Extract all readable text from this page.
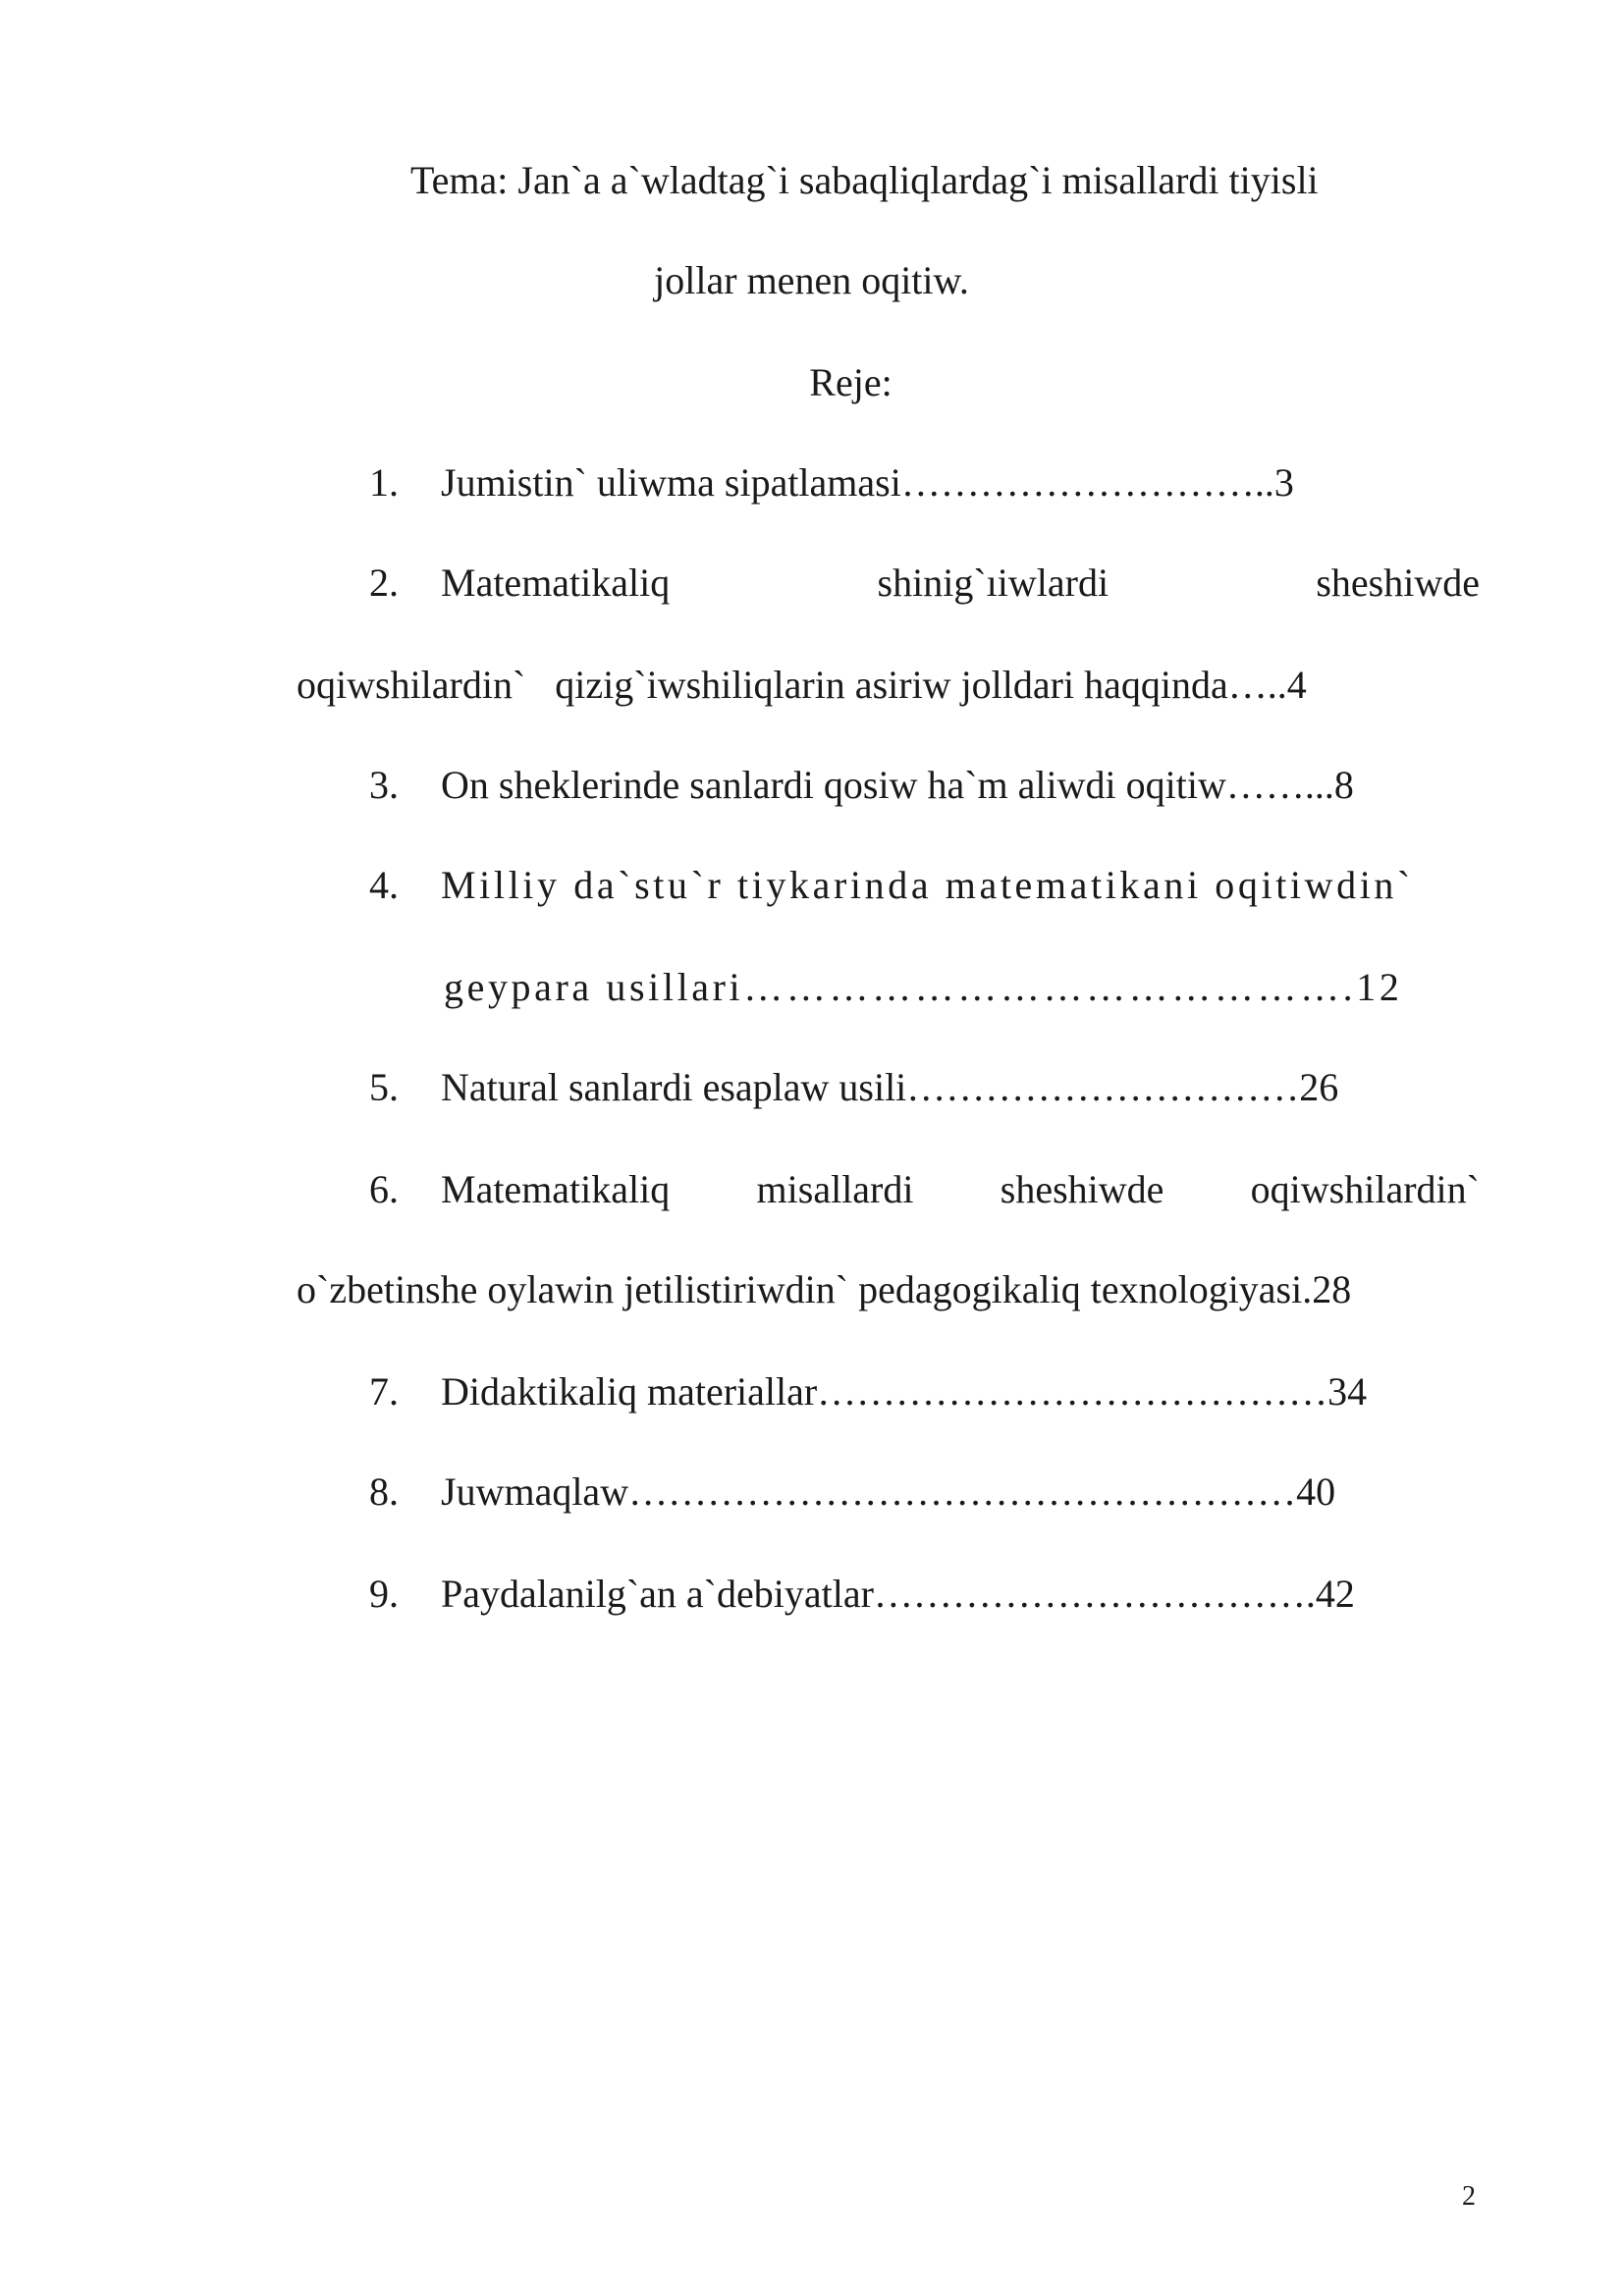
Tema: Jan`a a`wladtag`i sabaqliqlardag`i misallardi tiyisli
jollar menen oqitiw.
Reje:
1. Jumistin` uliwma sipatlamasi………………………..3
2. Matematikaliq	shinig`ıiwlardi	sheshiwde
oqiwshilardin`   qizig`iwshiliqlarin asiriw jolldari haqqinda…..4
3. On sheklerinde sanlardi qosiw ha`m aliwdi oqitiw……...8
4. Milliy da`stu`r tiykarinda matematikani oqitiwdin`
geypara usillari…………………………………….12
5. Natural sanlardi esaplaw usili…………………………26
6. Matematikaliq misallardi sheshiwde oqiwshilardin`
o`zbetinshe oylawin jetilistiriwdin` pedagogikaliq texnologiyasi.28
7. Didaktikaliq materiallar…………………………………34
8. Juwmaqlaw……………………………………………40
9. Paydalanilg`an a`debiyatlar…………………………….42
2
